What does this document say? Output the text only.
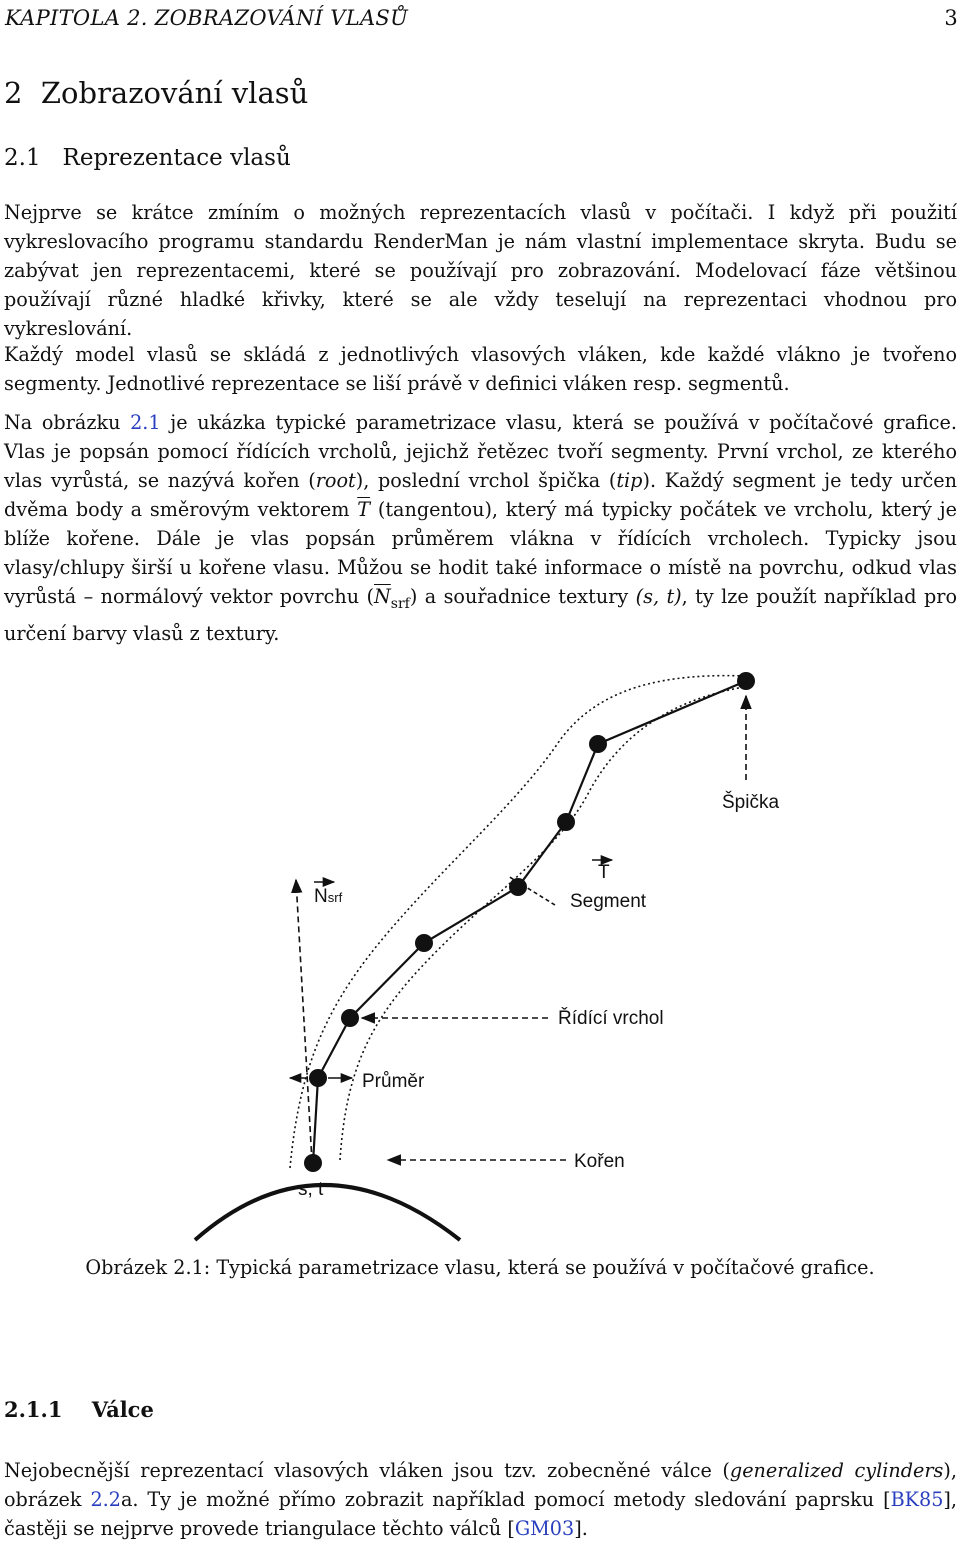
KAPITOLA 2. ZOBRAZOVÁNÍ VLASŮ	3
2 Zobrazování vlasů
2.1 Reprezentace vlasů

Nejprve se krátce zmíním o možných reprezentacích vlasů v počítači. I když při použití vykreslovacího programu standardu RenderMan je nám vlastní implementace skryta. Budu se zabývat jen reprezentacemi, které se používají pro zobrazování. Modelovací fáze většinou používají různé hladké křivky, které se ale vždy teselují na reprezentaci vhodnou pro vykreslování.

Každý model vlasů se skládá z jednotlivých vlasových vláken, kde každé vlákno je tvořeno segmenty. Jednotlivé reprezentace se liší právě v definici vláken resp. segmentů.

Na obrázku 2.1 je ukázka typické parametrizace vlasu, která se používá v počítačové grafice. Vlas je popsán pomocí řídících vrcholů, jejichž řetězec tvoří segmenty. První vrchol, ze kterého vlas vyrůstá, se nazývá kořen (root), poslední vrchol špička (tip). Každý segment je tedy určen dvěma body a směrovým vektorem $\overline{T}$ (tangentou), který má typicky počátek ve vrcholu, který je blíže kořene. Dále je vlas popsán průměrem vlákna v řídících vrcholech. Typicky jsou vlasy/chlupy širší u kořene vlasu. Můžou se hodit také informace o místě na povrchu, odkud vlas vyrůstá – normálový vektor povrchu $(\overline{N}_{srf})$ a souřadnice textury (s, t), ty lze použít například pro určení barvy vlasů z textury.

Špička
T
Segment
Nsrf
Řídící vrchol
Průměr
Kořen
s, t
Obrázek 2.1: Typická parametrizace vlasu, která se používá v počítačové grafice.
2.1.1 Válce

Nejobecnější reprezentací vlasových vláken jsou tzv. zobecněné válce (generalized cylinders), obrázek 2.2a. Ty je možné přímo zobrazit například pomocí metody sledování paprsku [BK85], častěji se nejprve provede triangulace těchto válců [GM03].
